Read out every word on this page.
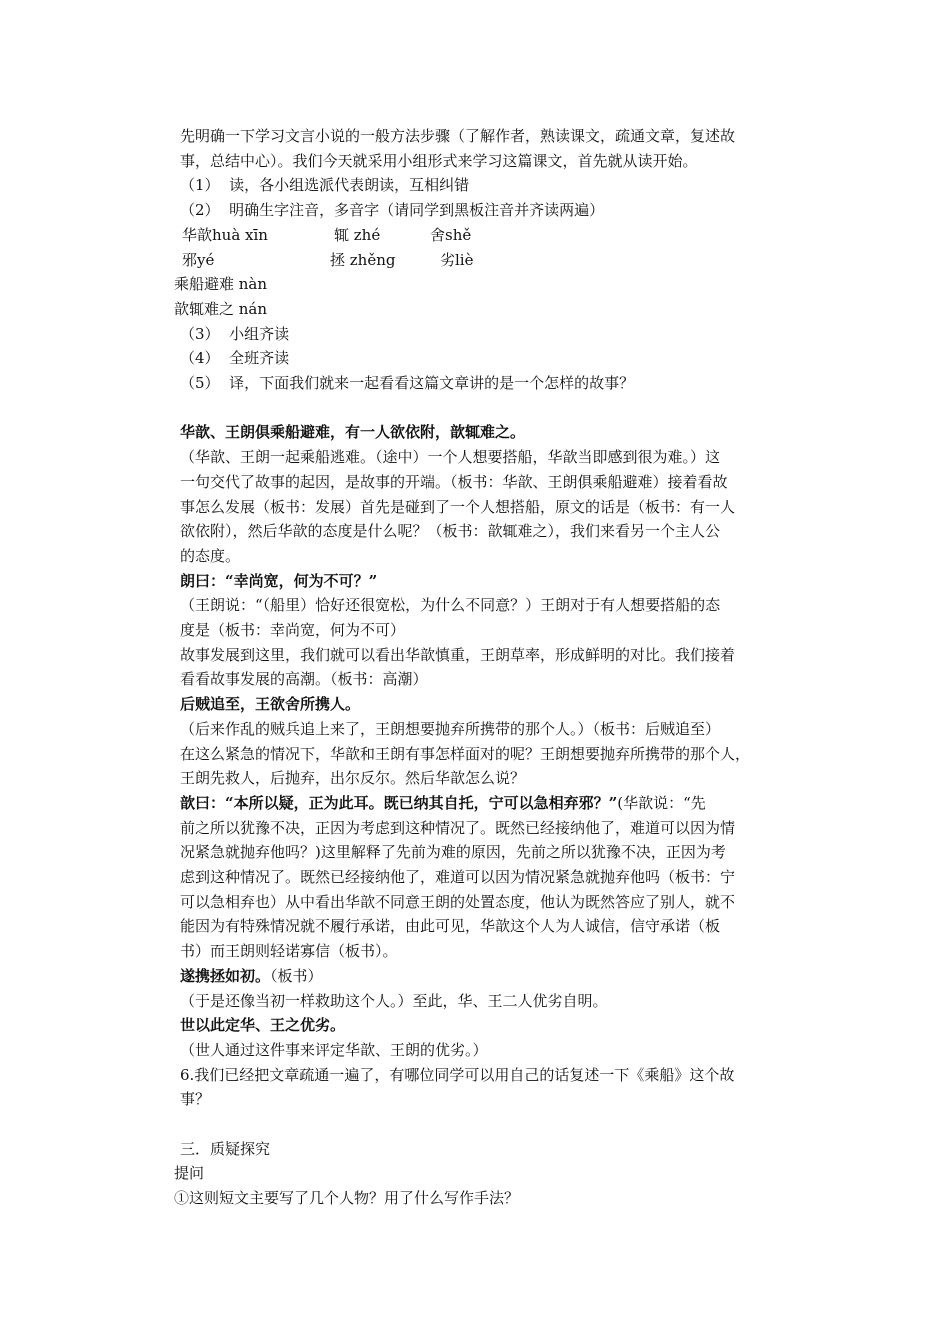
先明确一下学习文言小说的一般方法步骤（了解作者，熟读课文，疏通文章，复述故
事，总结中心）。我们今天就采用小组形式来学习这篇课文，首先就从读开始。
（1）  读，各小组选派代表朗读，互相纠错
（2）  明确生字注音，多音字（请同学到黑板注音并齐读两遍）
华歆huà xīn	辄 zhé	舍shě
邪yé	拯 zhěng	劣liè
乘船避难 nàn
歆辄难之 nán
（3）  小组齐读
（4）  全班齐读
（5）  译，下面我们就来一起看看这篇文章讲的是一个怎样的故事？
华歆、王朗俱乘船避难，有一人欲依附，歆辄难之。
（华歆、王朗一起乘船逃难。（途中）一个人想要搭船，华歆当即感到很为难。）这
一句交代了故事的起因，是故事的开端。（板书：华歆、王朗俱乘船避难）接着看故
事怎么发展（板书：发展）首先是碰到了一个人想搭船，原文的话是（板书：有一人
欲依附），然后华歆的态度是什么呢？（板书：歆辄难之），我们来看另一个主人公
的态度。
朗曰：“幸尚宽，何为不可？”
（王朗说：“（船里）恰好还很宽松，为什么不同意？）王朗对于有人想要搭船的态
度是（板书：幸尚宽，何为不可）
故事发展到这里，我们就可以看出华歆慎重，王朗草率，形成鲜明的对比。我们接着
看看故事发展的高潮。（板书：高潮）
后贼追至，王欲舍所携人。
（后来作乱的贼兵追上来了，王朗想要抛弃所携带的那个人。）（板书：后贼追至）
在这么紧急的情况下，华歆和王朗有事怎样面对的呢？王朗想要抛弃所携带的那个人，
王朗先救人，后抛弃，出尔反尔。然后华歆怎么说？
歆曰：“本所以疑，正为此耳。既已纳其自托，宁可以急相弃邪？”(华歆说：“先
前之所以犹豫不决，正因为考虑到这种情况了。既然已经接纳他了，难道可以因为情
况紧急就抛弃他吗？)这里解释了先前为难的原因，先前之所以犹豫不决，正因为考
虑到这种情况了。既然已经接纳他了，难道可以因为情况紧急就抛弃他吗（板书：宁
可以急相弃也）从中看出华歆不同意王朗的处置态度，他认为既然答应了别人，就不
能因为有特殊情况就不履行承诺，由此可见，华歆这个人为人诚信，信守承诺（板
书）而王朗则轻诺寡信（板书）。
遂携拯如初。（板书）
（于是还像当初一样救助这个人。）至此，华、王二人优劣自明。
世以此定华、王之优劣。
（世人通过这件事来评定华歆、王朗的优劣。）
6.我们已经把文章疏通一遍了，有哪位同学可以用自己的话复述一下《乘船》这个故
事？
三．质疑探究
提问
①这则短文主要写了几个人物？用了什么写作手法？
